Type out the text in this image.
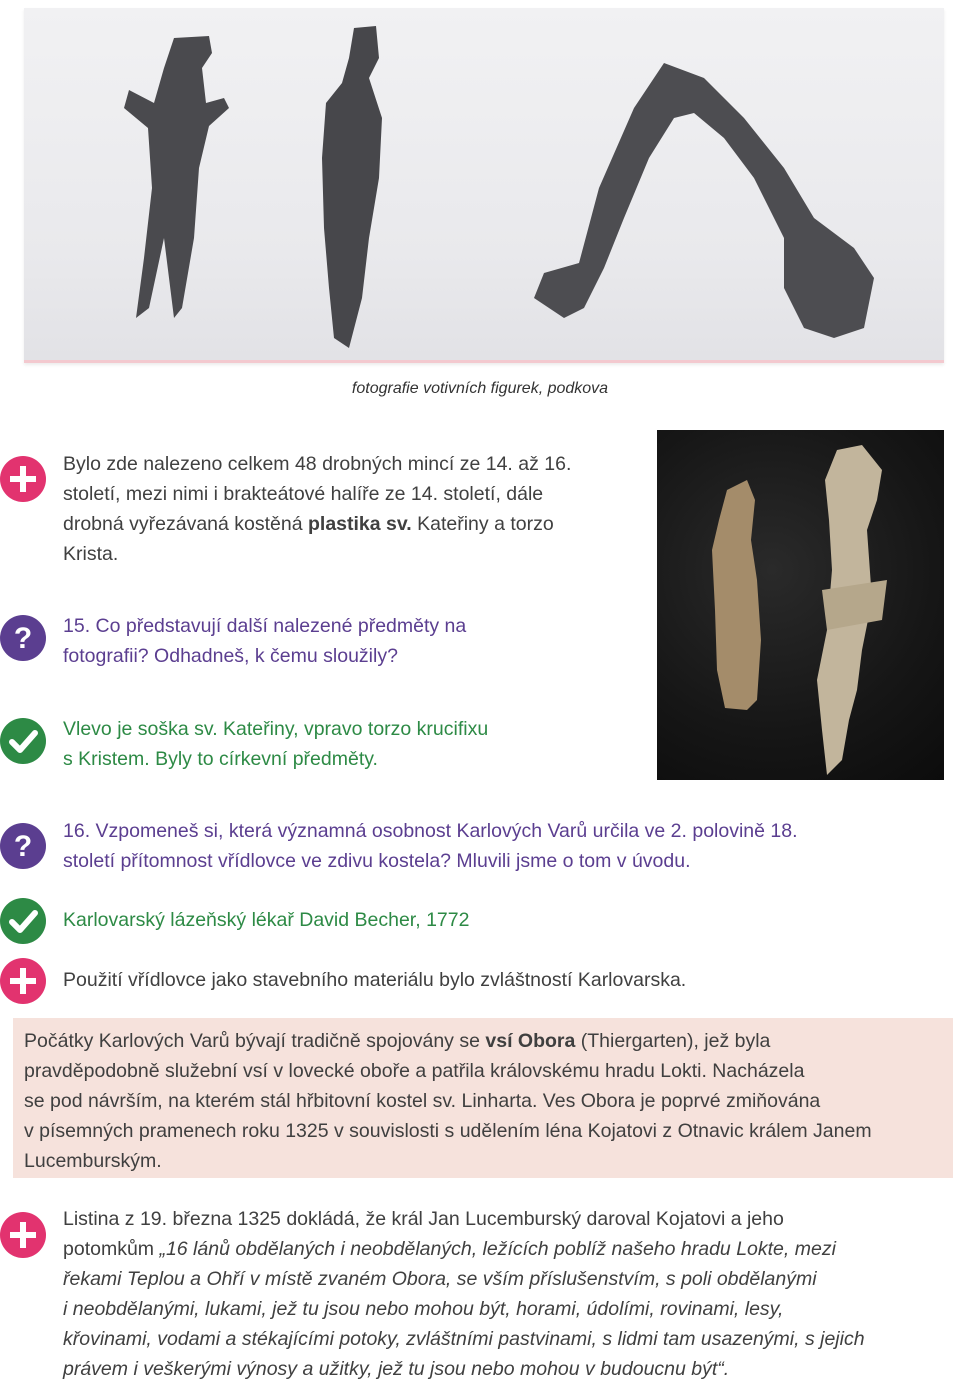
fotografie votivních figurek, podkova
Bylo zde nalezeno celkem 48 drobných mincí ze 14. až 16.
století, mezi nimi i brakteátové halíře ze 14. století, dále
drobná vyřezávaná kostěná plastika sv. Kateřiny a torzo
Krista.
? 15. Co představují další nalezené předměty na
fotografii? Odhadneš, k čemu sloužily?
Vlevo je soška sv. Kateřiny, vpravo torzo krucifixu
s Kristem. Byly to církevní předměty.
? 16. Vzpomeneš si, která významná osobnost Karlových Varů určila ve 2. polovině 18.
století přítomnost vřídlovce ve zdivu kostela? Mluvili jsme o tom v úvodu.
Karlovarský lázeňský lékař David Becher, 1772
Použití vřídlovce jako stavebního materiálu bylo zvláštností Karlovarska.
Počátky Karlových Varů bývají tradičně spojovány se vsí Obora (Thiergarten), jež byla
pravděpodobně služební vsí v lovecké oboře a patřila královskému hradu Lokti. Nacházela
se pod návrším, na kterém stál hřbitovní kostel sv. Linharta. Ves Obora je poprvé zmiňována
v písemných pramenech roku 1325 v souvislosti s udělením léna Kojatovi z Otnavic králem Janem
Lucemburským.
Listina z 19. března 1325 dokládá, že král Jan Lucemburský daroval Kojatovi a jeho
potomkům „16 lánů obdělaných i neobdělaných, ležících poblíž našeho hradu Lokte, mezi
řekami Teplou a Ohří v místě zvaném Obora, se vším příslušenstvím, s poli obdělanými
i neobdělanými, lukami, jež tu jsou nebo mohou být, horami, údolími, rovinami, lesy,
křovinami, vodami a stékajícími potoky, zvláštními pastvinami, s lidmi tam usazenými, s jejich
právem i veškerými výnosy a užitky, jež tu jsou nebo mohou v budoucnu být“.
